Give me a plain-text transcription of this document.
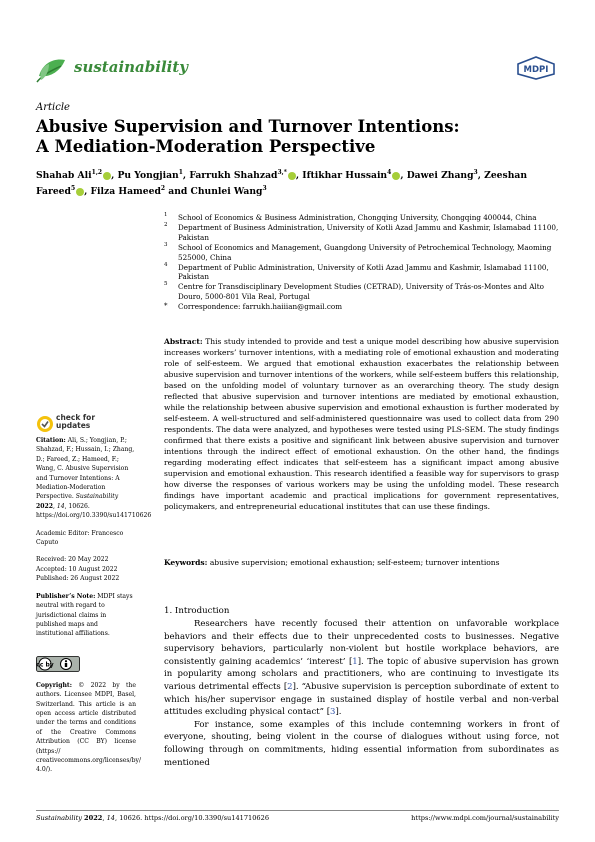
sustainability	MDPI
Article
Abusive Supervision and Turnover Intentions:
A Mediation-Moderation Perspective
Shahab Ali$^{1,2}$ , Pu Yongjian$^1$, Farrukh Shahzad$^{3,*}$ , Iftikhar Hussain$^4$ , Dawei Zhang$^3$, Zeeshan Fareed$^5$ , Filza Hameed$^2$ and Chunlei Wang$^3$
1 School of Economics & Business Administration, Chongqing University, Chongqing 400044, China
2 Department of Business Administration, University of Kotli Azad Jammu and Kashmir, Islamabad 11100, Pakistan
3 School of Economics and Management, Guangdong University of Petrochemical Technology, Maoming 525000, China
4 Department of Public Administration, University of Kotli Azad Jammu and Kashmir, Islamabad 11100, Pakistan
5 Centre for Transdisciplinary Development Studies (CETRAD), University of Trás-os-Montes and Alto Douro, 5000-801 Vila Real, Portugal
* Correspondence: farrukh.haiiian@gmail.com
Abstract: This study intended to provide and test a unique model describing how abusive supervision increases workers’ turnover intentions, with a mediating role of emotional exhaustion and moderating role of self-esteem. We argued that emotional exhaustion exacerbates the relationship between abusive supervision and turnover intentions of the workers, while self-esteem buffers this relationship, based on the unfolding model of voluntary turnover as an overarching theory. The study design reflected that abusive supervision and turnover intentions are mediated by emotional exhaustion, while the relationship between abusive supervision and emotional exhaustion is further moderated by self-esteem. A well-structured and self-administered questionnaire was used to collect data from 290 respondents. The data were analyzed, and hypotheses were tested using PLS-SEM. The study findings confirmed that there exists a positive and significant link between abusive supervision and turnover intentions through the indirect effect of emotional exhaustion. On the other hand, the findings regarding moderating effect indicates that self-esteem has a significant impact among abusive supervision and emotional exhaustion. This research identified a feasible way for supervisors to grasp how diverse the responses of various workers may be using the unfolding model. These research findings have important academic and practical implications for government representatives, policymakers, and entrepreneurial educational institutes that can use these findings.
Keywords: abusive supervision; emotional exhaustion; self-esteem; turnover intentions
check for
updates

Citation: Ali, S.; Yongjian, P.; Shahzad, F.; Hussain, I.; Zhang, D.; Fareed, Z.; Hameed, F.; Wang, C. Abusive Supervision and Turnover Intentions: A Mediation-Moderation Perspective. Sustainability 2022, 14, 10626. https://doi.org/10.3390/su141710626

Academic Editor: Francesco Caputo

Received: 20 May 2022

Accepted: 10 August 2022

Published: 26 August 2022

Publisher’s Note: MDPI stays neutral with regard to jurisdictional claims in published maps and institutional affiliations.

Copyright: © 2022 by the authors. Licensee MDPI, Basel, Switzerland. This article is an open access article distributed under the terms and conditions of the Creative Commons Attribution (CC BY) license (https:// creativecommons.org/licenses/by/ 4.0/).

cc by
1. Introduction

Researchers have recently focused their attention on unfavorable workplace behaviors and their effects due to their unprecedented costs to businesses. Negative supervisory behaviors, particularly non-violent but hostile workplace behaviors, are consistently gaining academics’ ‘interest’ [1]. The topic of abusive supervision has grown in popularity among scholars and practitioners, who are continuing to investigate its various detrimental effects [2]. “Abusive supervision is perception subordinate of extent to which his/her supervisor engage in sustained display of hostile verbal and non-verbal attitudes excluding physical contact” [3].

For instance, some examples of this include contemning workers in front of everyone, shouting, being violent in the course of dialogues without using force, not following through on commitments, hiding essential information from subordinates as mentioned

Sustainability 2022, 14, 10626. https://doi.org/10.3390/su141710626	https://www.mdpi.com/journal/sustainability
